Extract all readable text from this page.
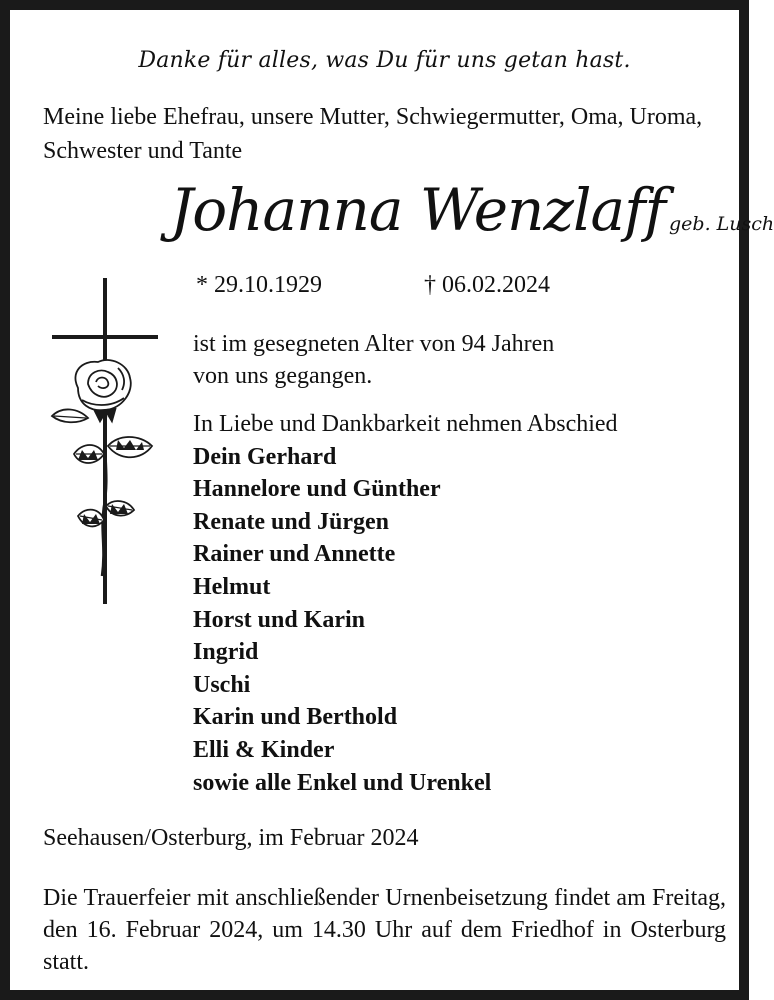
Danke für alles, was Du für uns getan hast.
Meine liebe Ehefrau, unsere Mutter, Schwiegermutter, Oma, Uroma, Schwester und Tante
Johanna Wenzlaff geb. Lusch
* 29.10.1929	† 06.02.2024
ist im gesegneten Alter von 94 Jahren
von uns gegangen.
In Liebe und Dankbarkeit nehmen Abschied
Dein Gerhard
Hannelore und Günther
Renate und Jürgen
Rainer und Annette
Helmut
Horst und Karin
Ingrid
Uschi
Karin und Berthold
Elli & Kinder
sowie alle Enkel und Urenkel
Seehausen/Osterburg, im Februar 2024
Die Trauerfeier mit anschließender Urnenbeisetzung findet am Freitag, den 16. Februar 2024, um 14.30 Uhr auf dem Friedhof in Osterburg statt.
